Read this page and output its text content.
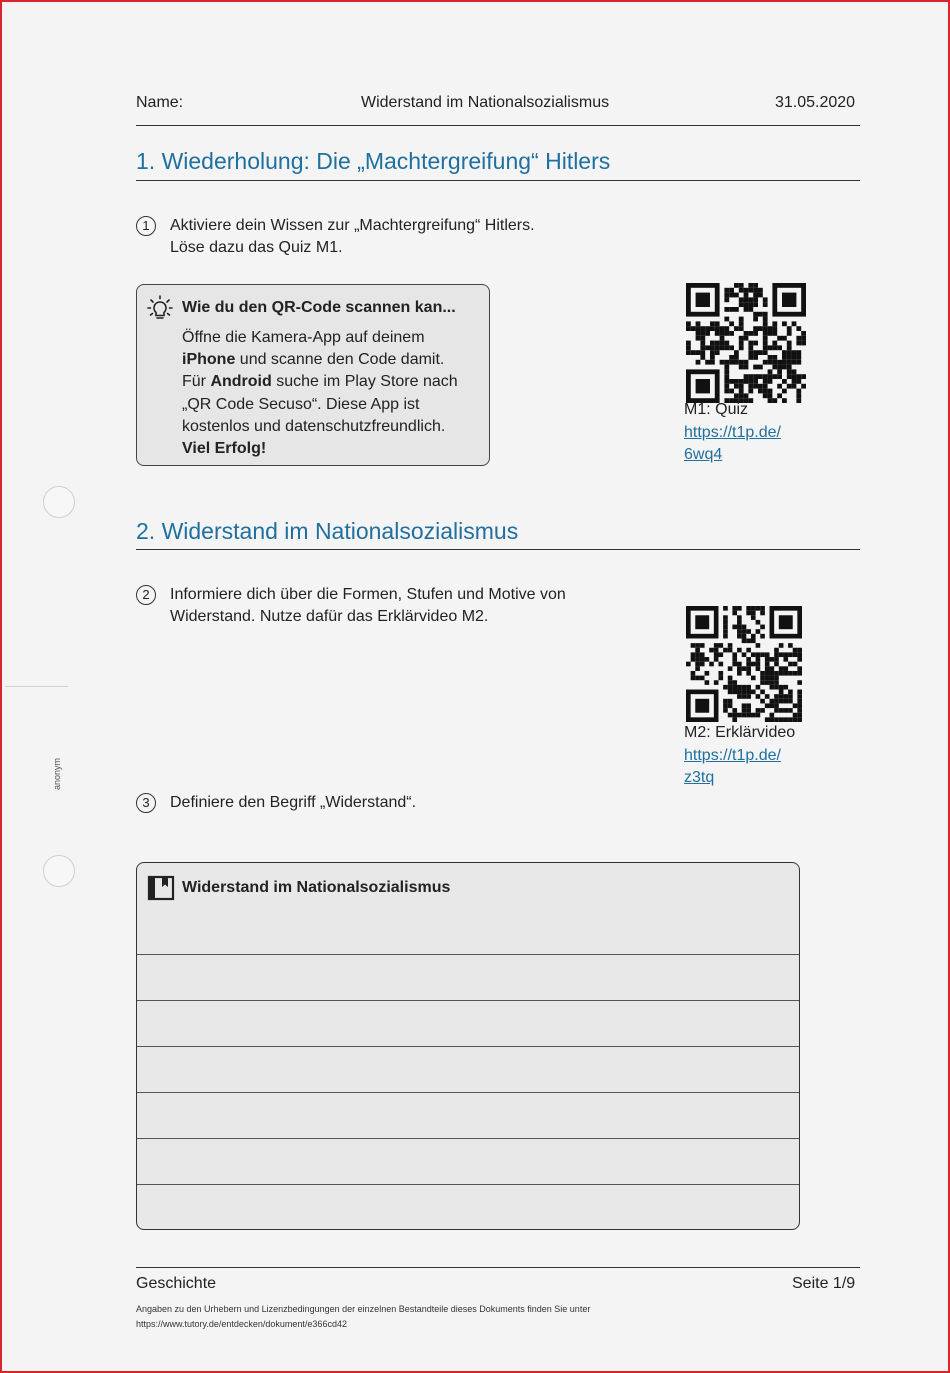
Name:	Widerstand im Nationalsozialismus	31.05.2020
1. Wiederholung: Die „Machtergreifung“ Hitlers
1	Aktiviere dein Wissen zur „Machtergreifung“ Hitlers.
Löse dazu das Quiz M1.
Wie du den QR-Code scannen kan...
Öffne die Kamera-App auf deinem
iPhone und scanne den Code damit.
Für Android suche im Play Store nach
„QR Code Secuso“. Diese App ist
kostenlos und datenschutzfreundlich.
Viel Erfolg!
M1: Quiz
https://t1p.de/
6wq4
2. Widerstand im Nationalsozialismus
2	Informiere dich über die Formen, Stufen und Motive von
Widerstand. Nutze dafür das Erklärvideo M2.
M2: Erklärvideo
https://t1p.de/
z3tq
anonym
3	Definiere den Begriff „Widerstand“.
Widerstand im Nationalsozialismus
Geschichte	Seite 1/9
Angaben zu den Urhebern und Lizenzbedingungen der einzelnen Bestandteile dieses Dokuments finden Sie unter
https://www.tutory.de/entdecken/dokument/e366cd42
